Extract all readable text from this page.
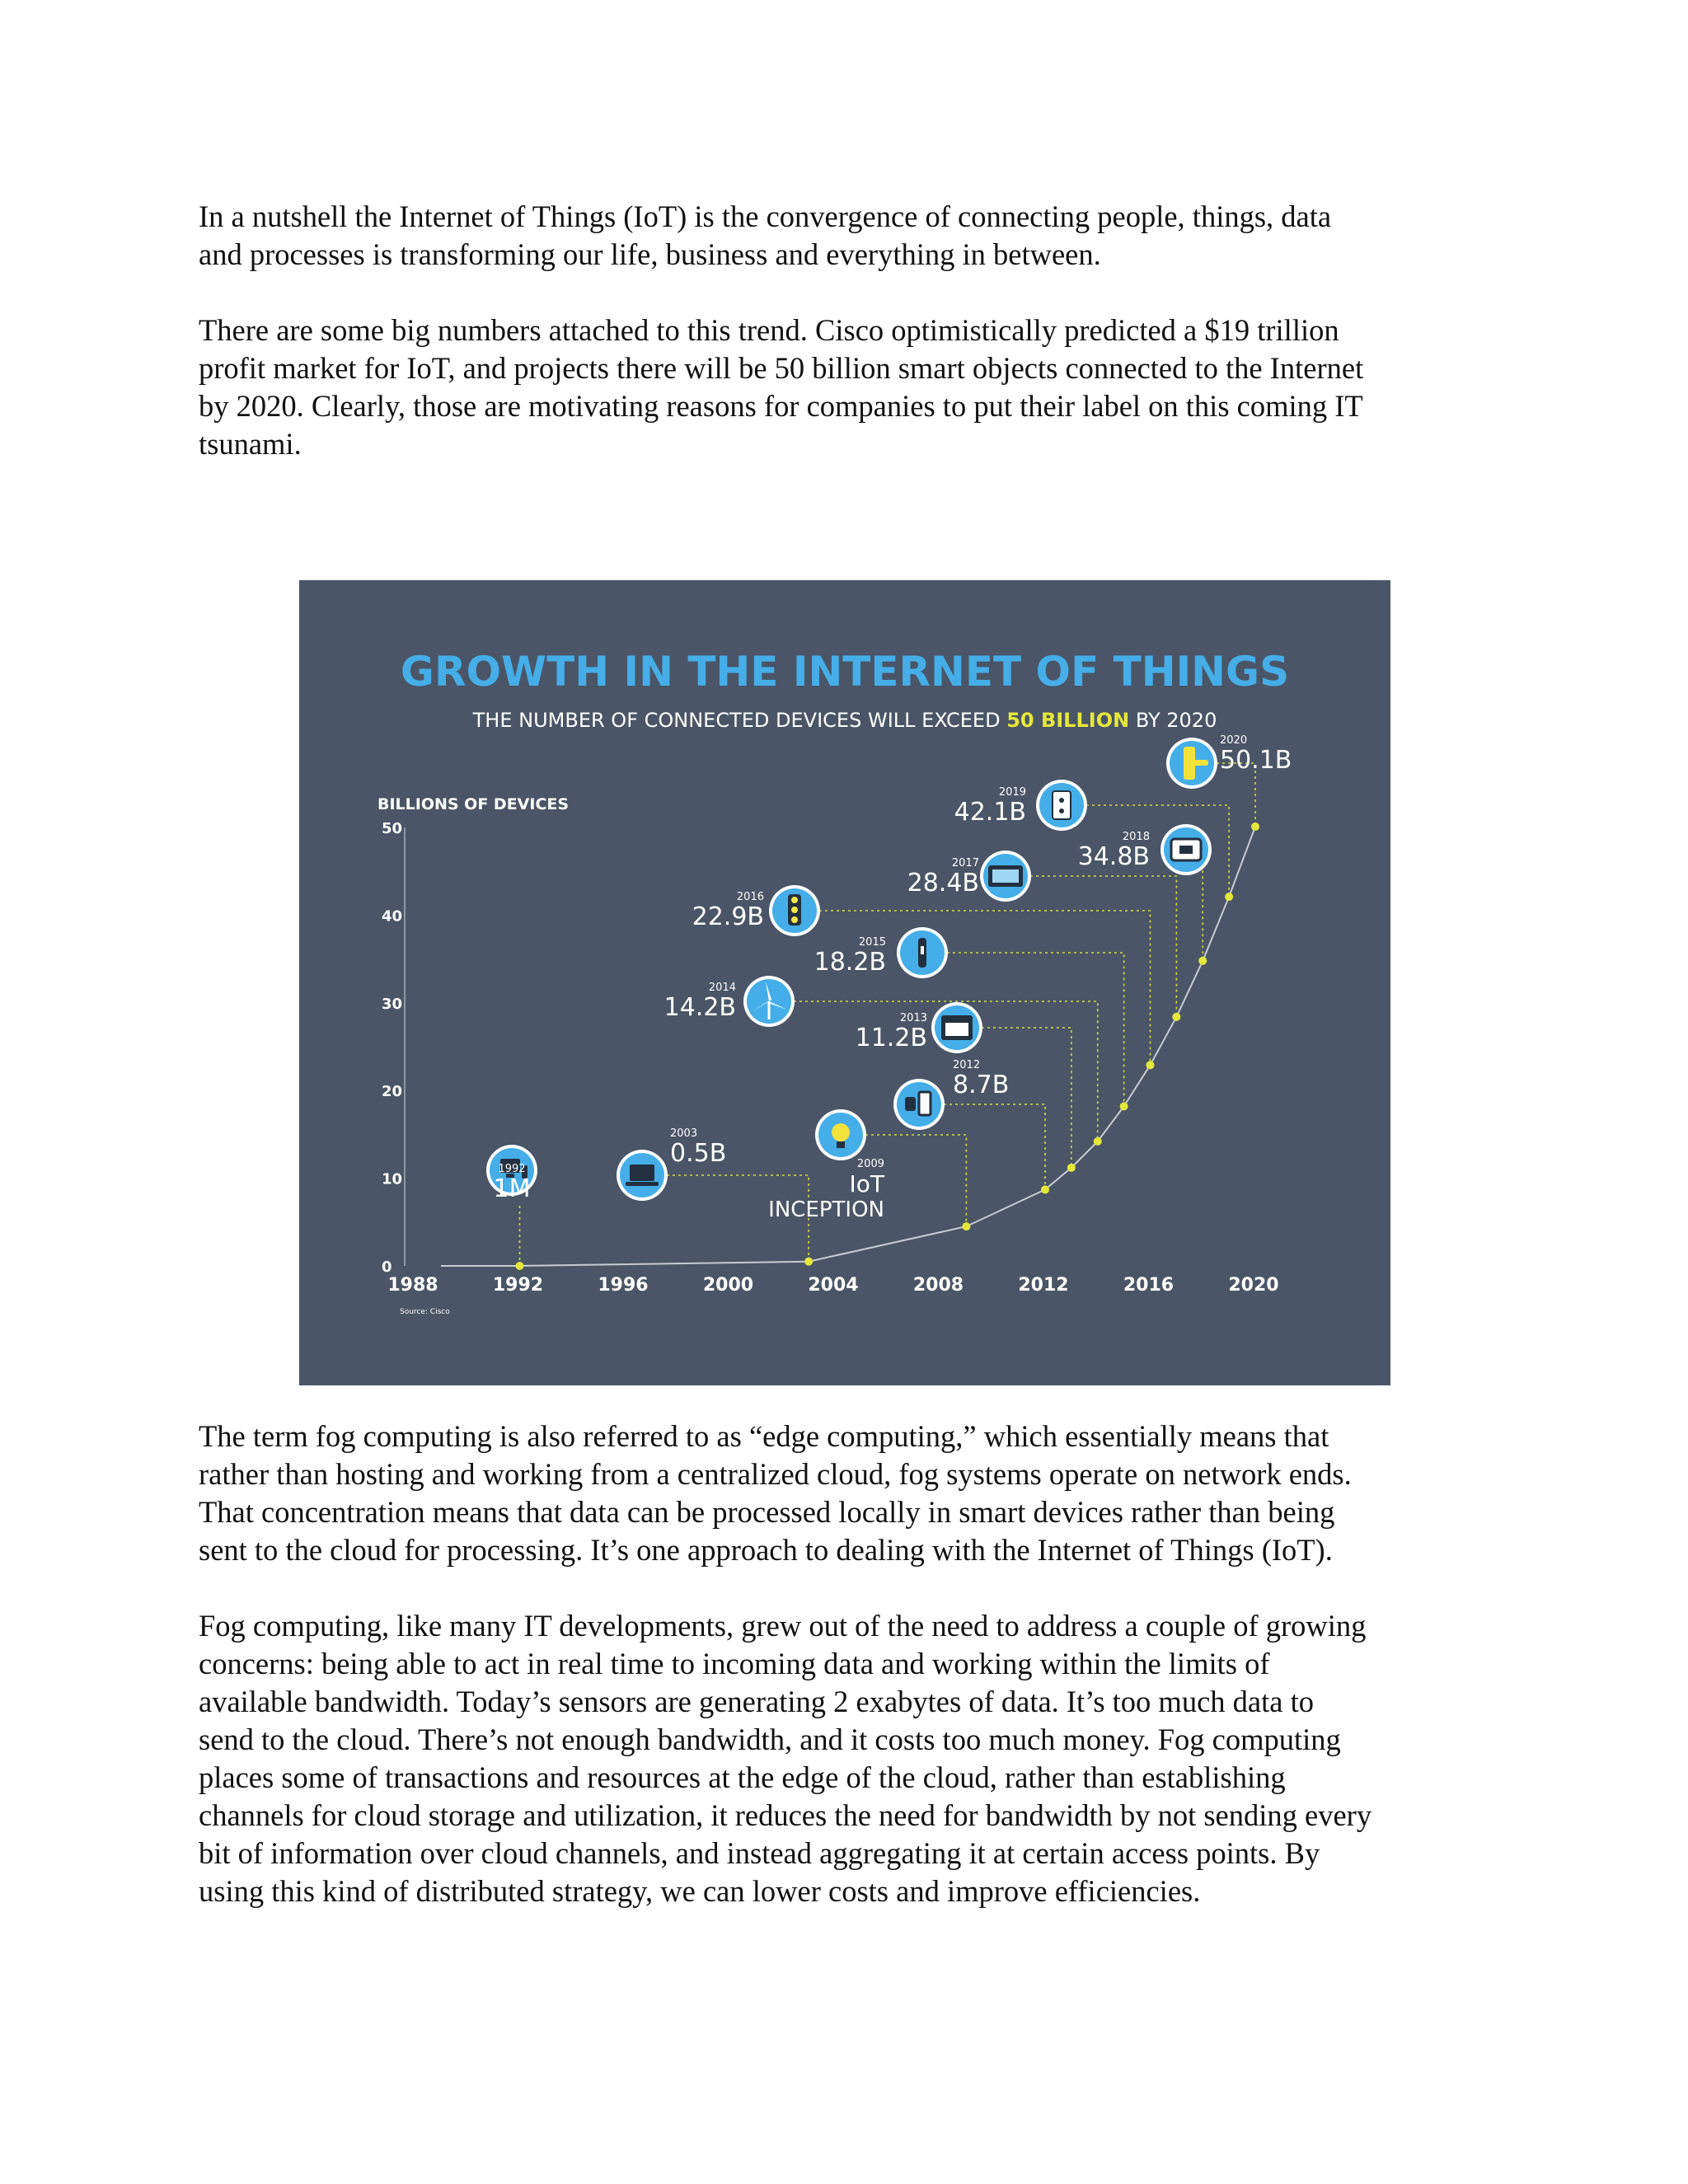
In a nutshell the Internet of Things (IoT) is the convergence of connecting people, things, data
and processes is transforming our life, business and everything in between.
There are some big numbers attached to this trend. Cisco optimistically predicted a $19 trillion
profit market for IoT, and projects there will be 50 billion smart objects connected to the Internet
by 2020. Clearly, those are motivating reasons for companies to put their label on this coming IT
tsunami.
GROWTH IN THE INTERNET OF THINGS
THE NUMBER OF CONNECTED DEVICES WILL EXCEED 50 BILLION BY 2020
BILLIONS OF DEVICES
0
10
20
30
40
50
1988	1992	1996	2000	2004	2008	2012	2016	2020
1992
1M
2003
0.5B	2009
IoT
INCEPTION
2012
8.7B
2013
11.2B
2014
14.2B
2015
18.2B
2016
22.9B
2017
28.4B
2018
34.8B
2019
42.1B
2020
50.1B
Source: Cisco
The term fog computing is also referred to as “edge computing,” which essentially means that
rather than hosting and working from a centralized cloud, fog systems operate on network ends.
That concentration means that data can be processed locally in smart devices rather than being
sent to the cloud for processing. It’s one approach to dealing with the Internet of Things (IoT).
Fog computing, like many IT developments, grew out of the need to address a couple of growing
concerns: being able to act in real time to incoming data and working within the limits of
available bandwidth. Today’s sensors are generating 2 exabytes of data. It’s too much data to
send to the cloud. There’s not enough bandwidth, and it costs too much money. Fog computing
places some of transactions and resources at the edge of the cloud, rather than establishing
channels for cloud storage and utilization, it reduces the need for bandwidth by not sending every
bit of information over cloud channels, and instead aggregating it at certain access points. By
using this kind of distributed strategy, we can lower costs and improve efficiencies.
